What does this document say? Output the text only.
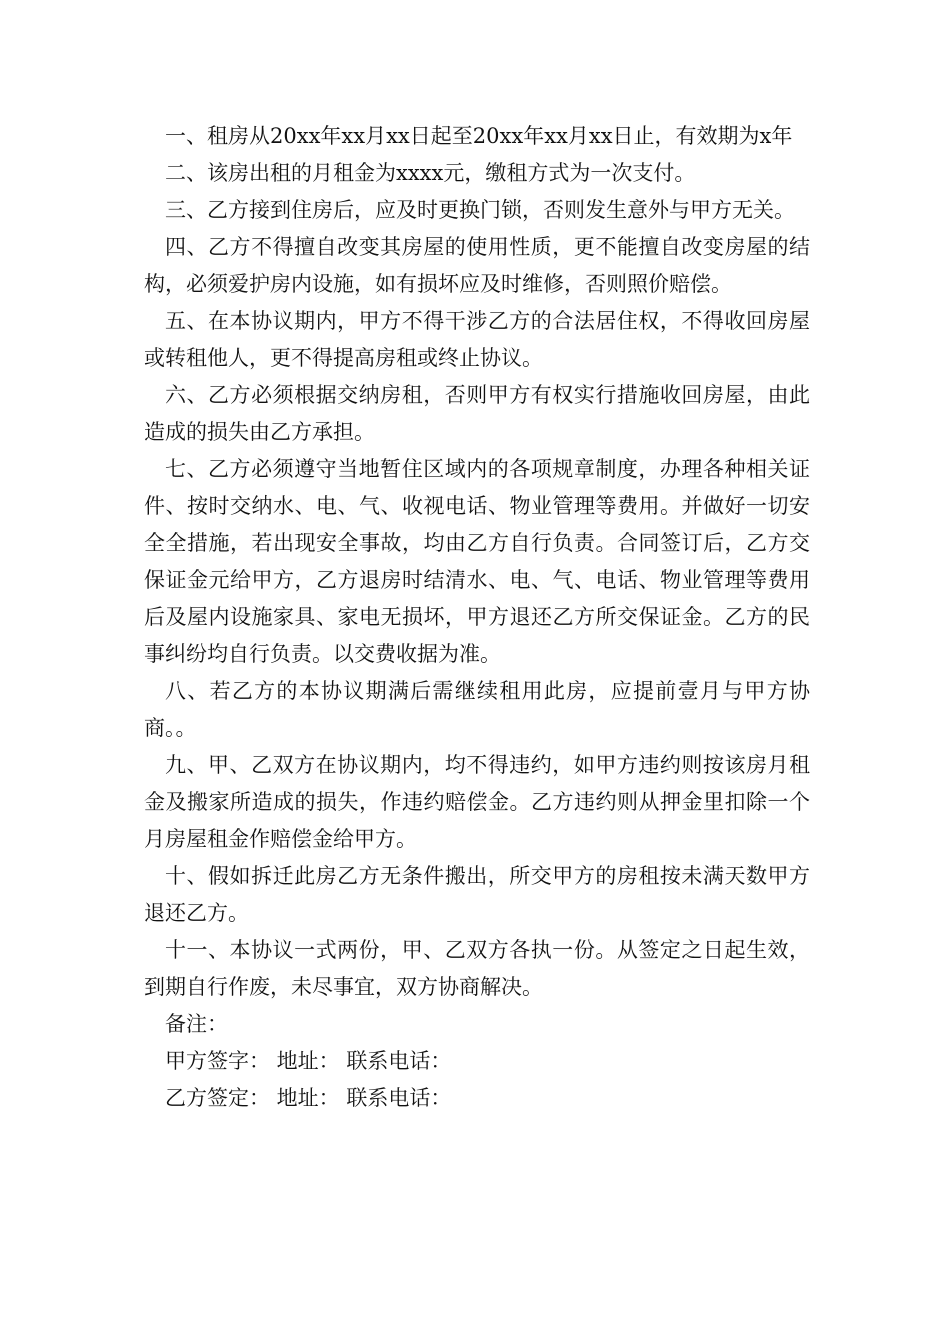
一、租房从20xx年xx月xx日起至20xx年xx月xx日止，有效期为x年

二、该房出租的月租金为xxxx元，缴租方式为一次支付。

三、乙方接到住房后，应及时更换门锁，否则发生意外与甲方无关。

四、乙方不得擅自改变其房屋的使用性质，更不能擅自改变房屋的结构，必须爱护房内设施，如有损坏应及时维修，否则照价赔偿。

五、在本协议期内，甲方不得干涉乙方的合法居住权，不得收回房屋或转租他人，更不得提高房租或终止协议。

六、乙方必须根据交纳房租，否则甲方有权实行措施收回房屋，由此造成的损失由乙方承担。

七、乙方必须遵守当地暂住区域内的各项规章制度，办理各种相关证件、按时交纳水、电、气、收视电话、物业管理等费用。并做好一切安全全措施，若出现安全事故，均由乙方自行负责。合同签订后，乙方交保证金元给甲方，乙方退房时结清水、电、气、电话、物业管理等费用后及屋内设施家具、家电无损坏，甲方退还乙方所交保证金。乙方的民事纠纷均自行负责。以交费收据为准。

八、若乙方的本协议期满后需继续租用此房，应提前壹月与甲方协商。。

九、甲、乙双方在协议期内，均不得违约，如甲方违约则按该房月租金及搬家所造成的损失，作违约赔偿金。乙方违约则从押金里扣除一个月房屋租金作赔偿金给甲方。

十、假如拆迁此房乙方无条件搬出，所交甲方的房租按未满天数甲方退还乙方。

十一、本协议一式两份，甲、乙双方各执一份。从签定之日起生效，到期自行作废，未尽事宜，双方协商解决。

备注：

甲方签字： 地址： 联系电话：

乙方签定： 地址： 联系电话：
